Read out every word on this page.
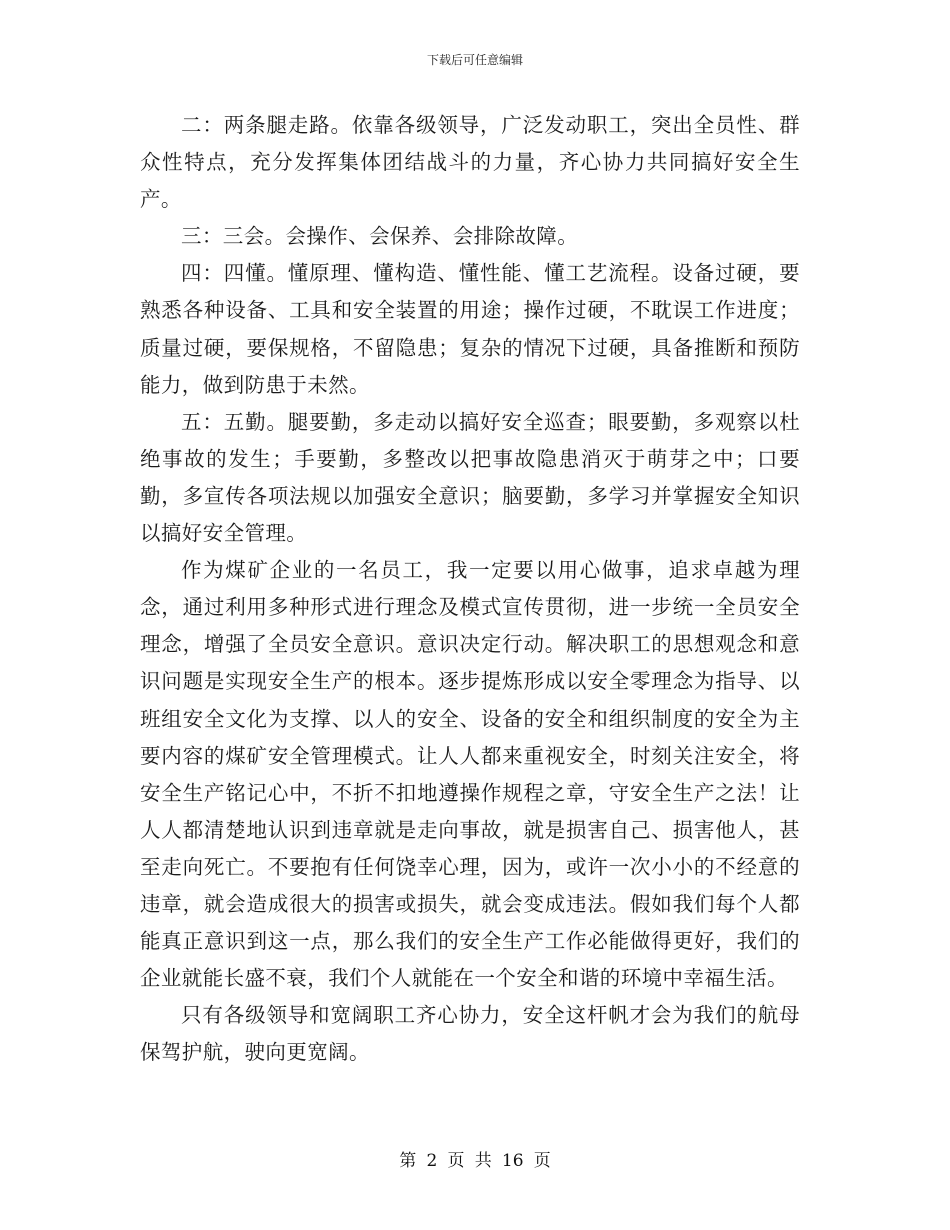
下载后可任意编辑

二：两条腿走路。依靠各级领导，广泛发动职工，突出全员性、群众性特点，充分发挥集体团结战斗的力量，齐心协力共同搞好安全生产。

三：三会。会操作、会保养、会排除故障。

四：四懂。懂原理、懂构造、懂性能、懂工艺流程。设备过硬，要熟悉各种设备、工具和安全装置的用途；操作过硬，不耽误工作进度；质量过硬，要保规格，不留隐患；复杂的情况下过硬，具备推断和预防能力，做到防患于未然。

五：五勤。腿要勤，多走动以搞好安全巡查；眼要勤，多观察以杜绝事故的发生；手要勤，多整改以把事故隐患消灭于萌芽之中；口要勤，多宣传各项法规以加强安全意识；脑要勤，多学习并掌握安全知识以搞好安全管理。

作为煤矿企业的一名员工，我一定要以用心做事，追求卓越为理念，通过利用多种形式进行理念及模式宣传贯彻，进一步统一全员安全理念，增强了全员安全意识。意识决定行动。解决职工的思想观念和意识问题是实现安全生产的根本。逐步提炼形成以安全零理念为指导、以班组安全文化为支撑、以人的安全、设备的安全和组织制度的安全为主要内容的煤矿安全管理模式。让人人都来重视安全，时刻关注安全，将安全生产铭记心中，不折不扣地遵操作规程之章，守安全生产之法！让人人都清楚地认识到违章就是走向事故，就是损害自己、损害他人，甚至走向死亡。不要抱有任何饶幸心理，因为，或许一次小小的不经意的违章，就会造成很大的损害或损失，就会变成违法。假如我们每个人都能真正意识到这一点，那么我们的安全生产工作必能做得更好，我们的企业就能长盛不衰，我们个人就能在一个安全和谐的环境中幸福生活。

只有各级领导和宽阔职工齐心协力，安全这杆帆才会为我们的航母保驾护航，驶向更宽阔。

第 2 页 共 16 页
